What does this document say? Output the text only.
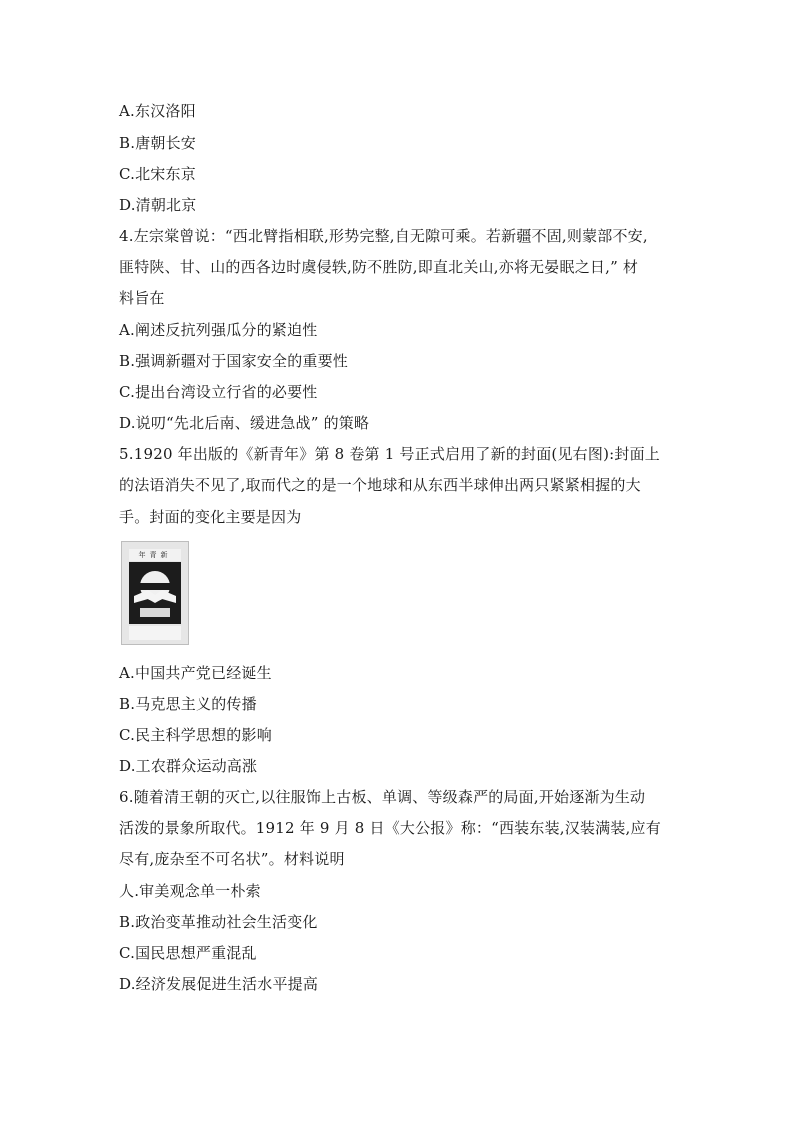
A.东汉洛阳
B.唐朝长安
C.北宋东京
D.清朝北京
4.左宗棠曾说：“西北臂指相联,形势完整,自无隙可乘。若新疆不固,则蒙部不安,
匪特陕、甘、山的西各边时虞侵轶,防不胜防,即直北关山,亦将无晏眠之日,” 材
料旨在
A.阐述反抗列强瓜分的紧迫性
B.强调新疆对于国家安全的重要性
C.提出台湾设立行省的必要性
D.说叨“先北后南、缓进急战” 的策略
5.1920 年出版的《新青年》第 8 卷第 1 号正式启用了新的封面(见右图):封面上
的法语消失不见了,取而代之的是一个地球和从东西半球伸出两只紧紧相握的大
手。封面的变化主要是因为
年青新
A.中国共产党已经诞生
B.马克思主义的传播
C.民主科学思想的影响
D.工农群众运动高涨
6.随着清王朝的灭亡,以往服饰上古板、单调、等级森严的局面,开始逐渐为生动
活泼的景象所取代。1912 年 9 月 8 日《大公报》称：“西装东装,汉装满装,应有
尽有,庞杂至不可名状”。材料说明
人.审美观念单一朴索
B.政治变革推动社会生活变化
C.国民思想严重混乱
D.经济发展促进生活水平提高
